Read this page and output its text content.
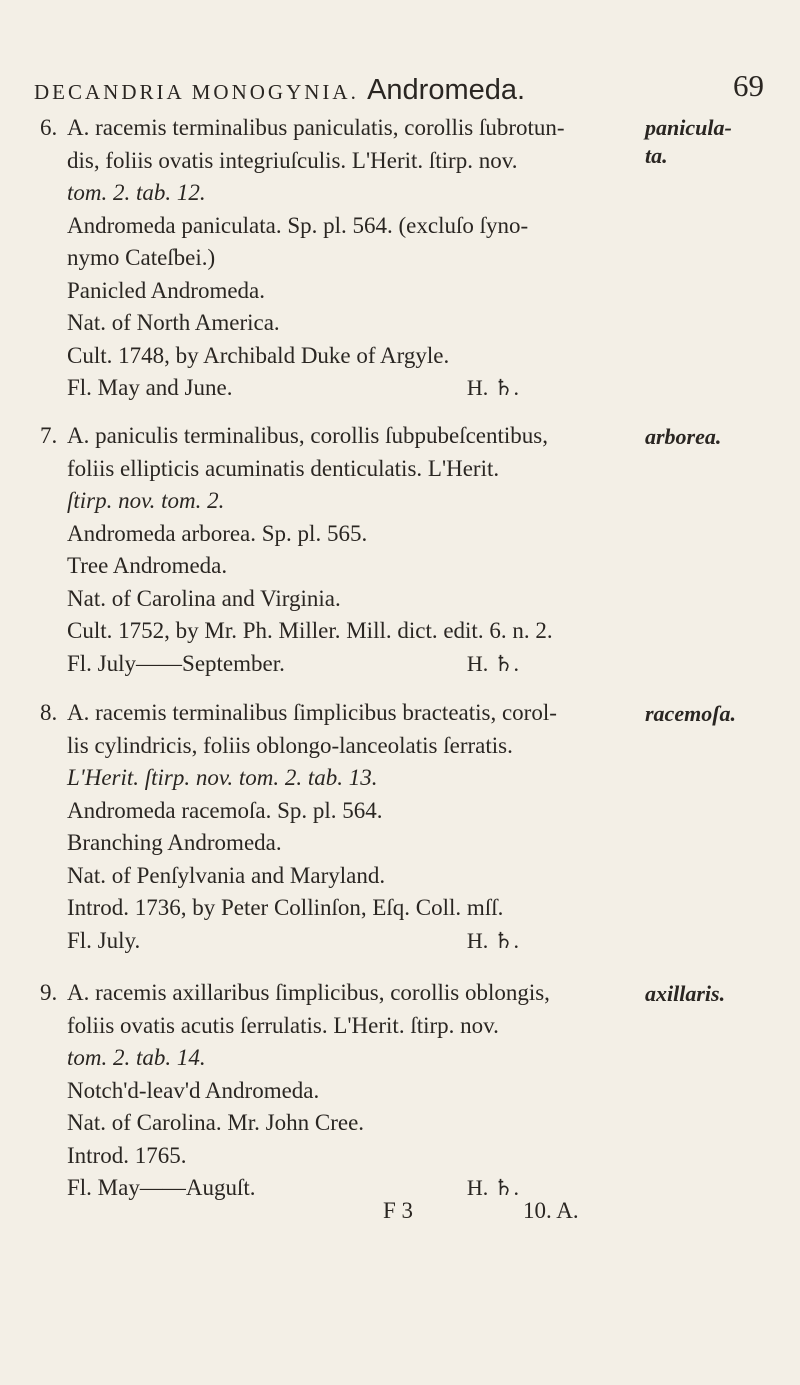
DECANDRIA MONOGYNIA. Andromeda.	69
6. A. racemis terminalibus paniculatis, corollis ſubrotun-
dis, foliis ovatis integriuſculis. L'Herit. ſtirp. nov.
tom. 2. tab. 12.
Andromeda paniculata. Sp. pl. 564. (excluſo ſyno-
nymo Cateſbei.)
Panicled Andromeda.
Nat. of North America.
Cult. 1748, by Archibald Duke of Argyle.
Fl. May and June.	H. ♄.
panicula-
ta.
7. A. paniculis terminalibus, corollis ſubpubeſcentibus,
foliis ellipticis acuminatis denticulatis. L'Herit.
ſtirp. nov. tom. 2.
Andromeda arborea. Sp. pl. 565.
Tree Andromeda.
Nat. of Carolina and Virginia.
Cult. 1752, by Mr. Ph. Miller. Mill. dict. edit. 6. n. 2.
Fl. July——September.	H. ♄.
arborea.
8. A. racemis terminalibus ſimplicibus bracteatis, corol-
lis cylindricis, foliis oblongo-lanceolatis ſerratis.
L'Herit. ſtirp. nov. tom. 2. tab. 13.
Andromeda racemoſa. Sp. pl. 564.
Branching Andromeda.
Nat. of Penſylvania and Maryland.
Introd. 1736, by Peter Collinſon, Eſq. Coll. mſſ.
Fl. July.	H. ♄.
racemoſa.
9. A. racemis axillaribus ſimplicibus, corollis oblongis,
foliis ovatis acutis ſerrulatis. L'Herit. ſtirp. nov.
tom. 2. tab. 14.
Notch'd-leav'd Andromeda.
Nat. of Carolina. Mr. John Cree.
Introd. 1765.
Fl. May——Auguſt.	H. ♄.
axillaris.
F 3	10. A.
